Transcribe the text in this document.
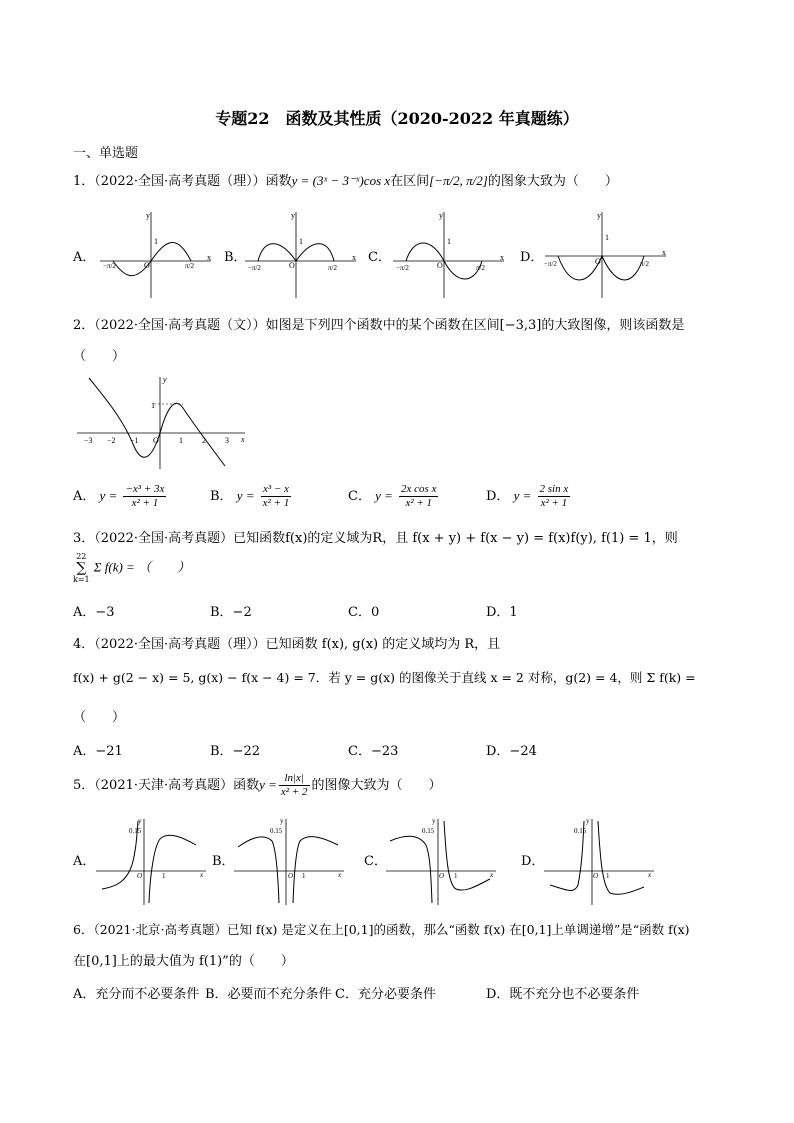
专题22　函数及其性质（2020-2022 年真题练）
一、单选题
1．（2022·全国·高考真题（理））函数y = (3ˣ − 3⁻ˣ)cos x在区间[−π/2, π/2]的图象大致为（　　）
A．	B．	C．	D．
y
x
O
1
−π/2	π/2
y
x
O
1
−π/2	π/2
y
x
O
1
−π/2	π/2
y
x
O
1
−π/2	π/2
2．（2022·全国·高考真题（文））如图是下列四个函数中的某个函数在区间[−3,3]的大致图像，则该函数是
（　　）
y
x
−3 −2 −1 O	1 2 3
1
A． $y = \frac{\text{−x³ + 3x}}{\text{x² + 1}}$	B． $y = \frac{\text{x³ − x}}{\text{x² + 1}}$	C． $y = \frac{\text{2x cos x}}{\text{x² + 1}}$	D． $y = \frac{\text{2 sin x}}{\text{x² + 1}}$
3．（2022·全国·高考真题）已知函数f(x)的定义域为R，且 f(x + y) + f(x − y) = f(x)f(y), f(1) = 1，则
22
∑
k=1
Σ f(k) = （　　）
A．−3	B．−2	C．0	D．1
4．（2022·全国·高考真题（理））已知函数 f(x), g(x) 的定义域均为 R，且
f(x) + g(2 − x) = 5, g(x) − f(x − 4) = 7．若 y = g(x) 的图像关于直线 x = 2 对称，g(2) = 4，则 Σ f(k) =
（　　）
A．−21	B．−22	C．−23	D．−24
5．（2021·天津·高考真题）函数$y = \frac{\ln|x|}{\text{x² + 2}}$ 的图像大致为（　　）
A．	B．	C．	D．
y
x
O	1
0.15
y
x
O 1
0.15
y
x
O 1
0.15
y
x
O 1
0.15
6．（2021·北京·高考真题）已知 f(x) 是定义在上[0,1]的函数，那么“函数 f(x) 在[0,1]上单调递增”是“函数 f(x)
在[0,1]上的最大值为 f(1)”的（　　）
A．充分而不必要条件 B．必要而不充分条件 C．充分必要条件	D．既不充分也不必要条件
